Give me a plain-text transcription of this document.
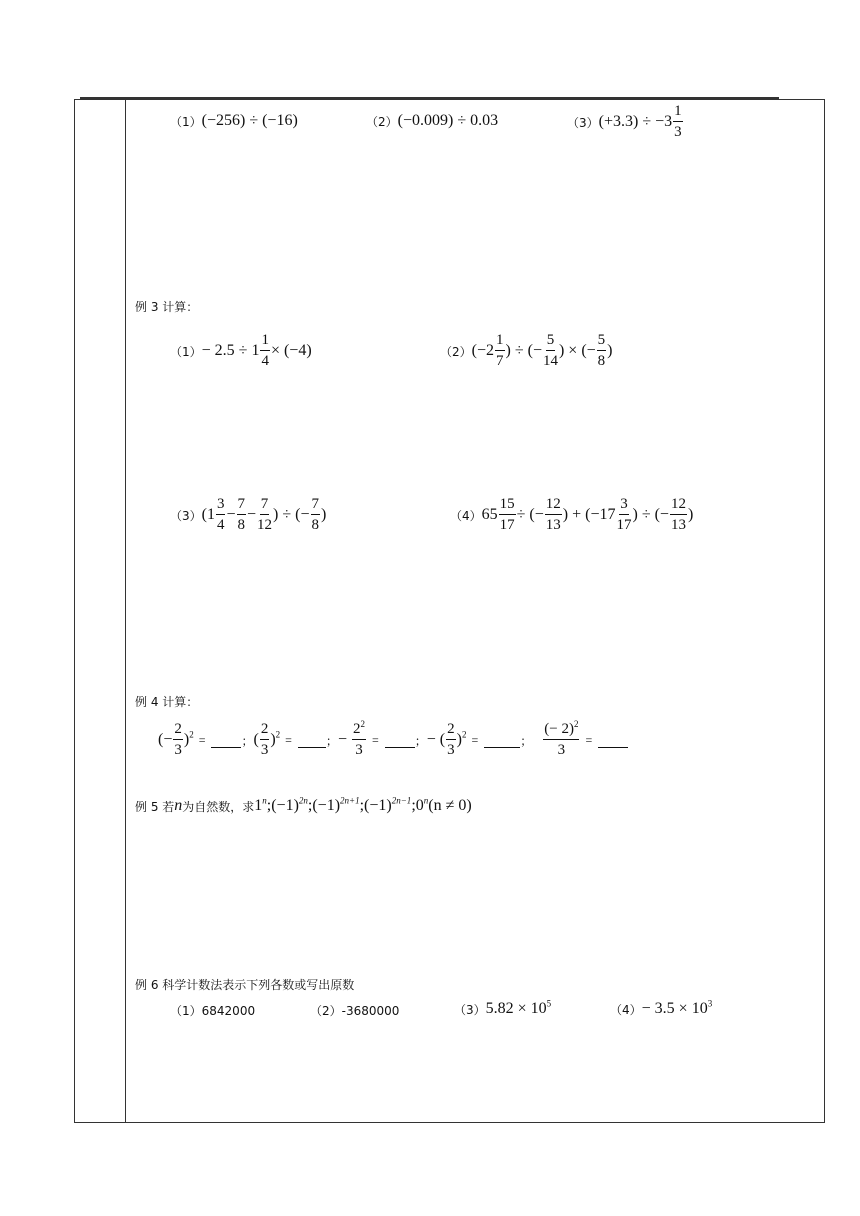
（1） (−256) ÷ (−16)	（2） (−0.009) ÷ 0.03	（3） $(+3.3) \div -3 \frac{1}{3}$
例 3 计算：
$(1) - 2.5 \div 1 \frac{1}{4} \times (-4)$	（2） ($-2 \frac{1}{7}$ ) ÷ (− $\frac{5}{14}$ ) × (− $\frac{5}{8}$ )
（3） ($1 \frac{3}{4} - \frac{7}{8} - \frac{7}{12}$ ) ÷ (− $\frac{7}{8}$ )	（4） $65 \frac{15}{17}$ ÷ (− $\frac{12}{13}$ ) + ($-17 \frac{3}{17}$ ) ÷ (− $\frac{12}{13}$ )
例 4 计算：
(− $\frac{2}{3} )^2$ =	； ( $\frac{2}{3} )^2$ =	； − $\frac{2^2}{3}$ =	； − ( $\frac{2}{3} )^2$ =	； $\frac{(- 2)^2}{3}$ =
例 5 若 n 为自然数，求 1$^n$ $;(-1)^{2n}$ $;(-1)^{2n+1}$ $;(-1)^{2n-1}$ ;0$^n$ (n ≠ 0)
例 6 科学计数法表示下列各数或写出原数
（1） 6842000	（2） -3680000	（3） $5.82 \times 10^5$	$(4) - 3.5 \times 10^3$
